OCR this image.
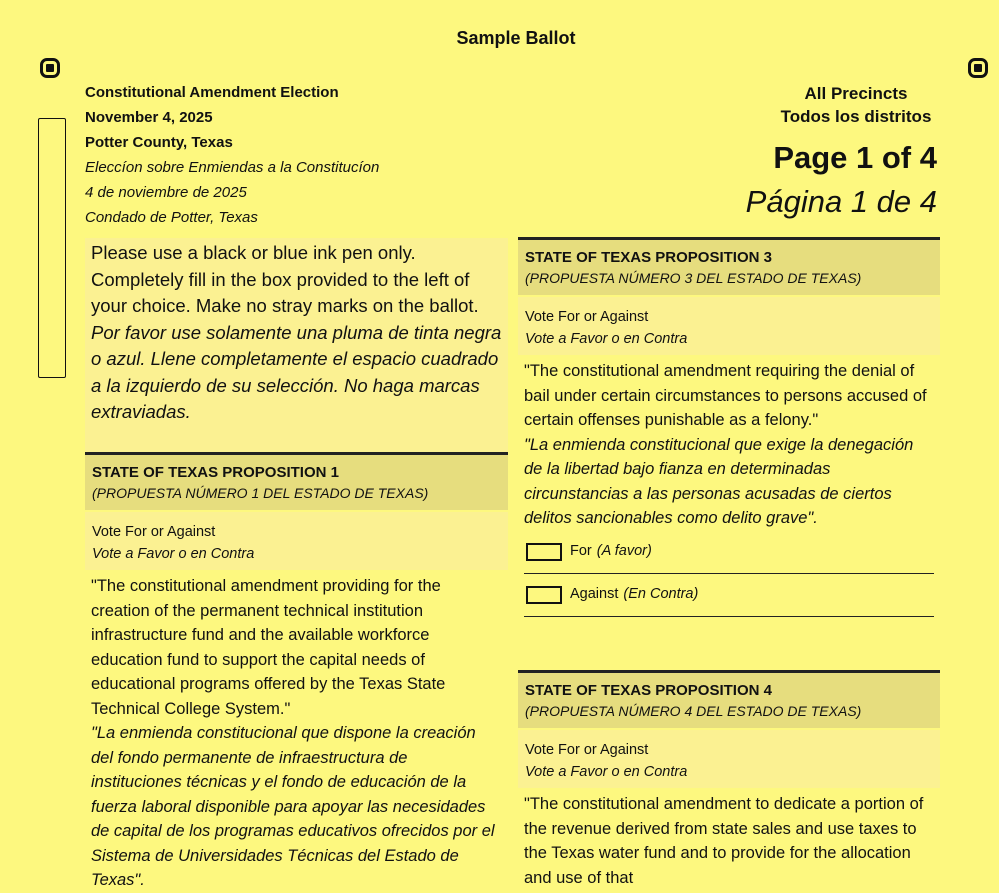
Sample Ballot
Constitutional Amendment Election
November 4, 2025
Potter County, Texas
Eleccíon sobre Enmiendas a la Constitucíon
4 de noviembre de 2025
Condado de Potter, Texas
All Precincts
Todos los distritos
Page 1 of 4
Página 1 de 4
Please use a black or blue ink pen only. Completely fill in the box provided to the left of your choice. Make no stray marks on the ballot.
Por favor use solamente una pluma de tinta negra o azul. Llene completamente el espacio cuadrado a la izquierdo de su selección. No haga marcas extraviadas.
STATE OF TEXAS PROPOSITION 1
(PROPUESTA NÚMERO 1 DEL ESTADO DE TEXAS)
Vote For or Against
Vote a Favor o en Contra
"The constitutional amendment providing for the creation of the permanent technical institution infrastructure fund and the available workforce education fund to support the capital needs of educational programs offered by the Texas State Technical College System."
"La enmienda constitucional que dispone la creación del fondo permanente de infraestructura de instituciones técnicas y el fondo de educación de la fuerza laboral disponible para apoyar las necesidades de capital de los programas educativos ofrecidos por el Sistema de Universidades Técnicas del Estado de Texas".
STATE OF TEXAS PROPOSITION 3
(PROPUESTA NÚMERO 3 DEL ESTADO DE TEXAS)
Vote For or Against
Vote a Favor o en Contra
"The constitutional amendment requiring the denial of bail under certain circumstances to persons accused of certain offenses punishable as a felony."
"La enmienda constitucional que exige la denegación de la libertad bajo fianza en determinadas circunstancias a las personas acusadas de ciertos delitos sancionables como delito grave".
For (A favor)
Against (En Contra)
STATE OF TEXAS PROPOSITION 4
(PROPUESTA NÚMERO 4 DEL ESTADO DE TEXAS)
Vote For or Against
Vote a Favor o en Contra
"The constitutional amendment to dedicate a portion of the revenue derived from state sales and use taxes to the Texas water fund and to provide for the allocation and use of that
